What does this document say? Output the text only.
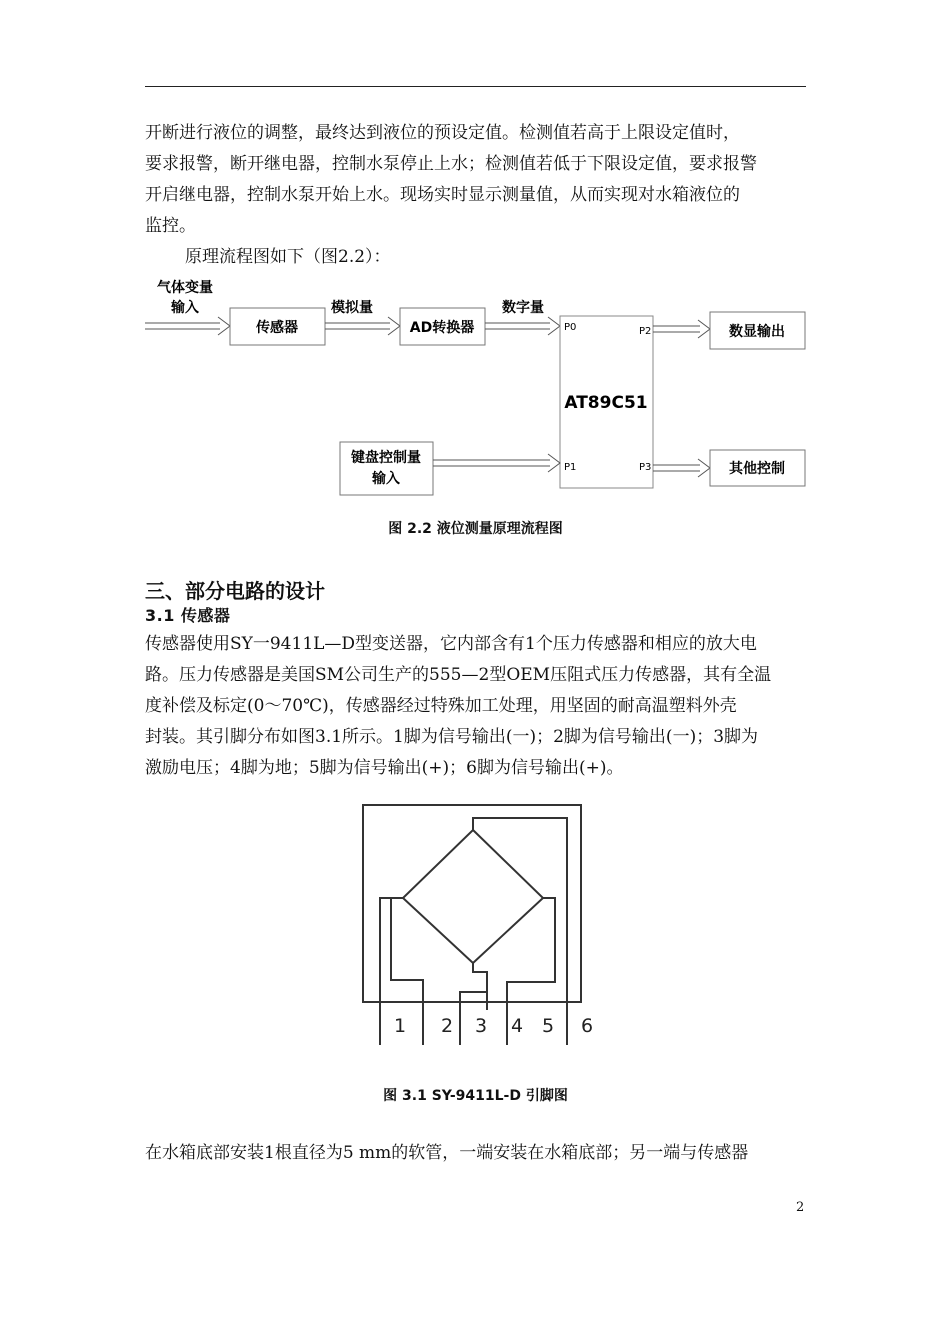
开断进行液位的调整，最终达到液位的预设定值。检测值若高于上限设定值时，
要求报警，断开继电器，控制水泵停止上水；检测值若低于下限设定值，要求报警
开启继电器，控制水泵开始上水。现场实时显示测量值，从而实现对水箱液位的
监控。
原理流程图如下（图2.2）：
气体变量
输入
传感器
模拟量
AD转换器
数字量
P0	P2
P1	P3
AT89C51
数显输出
键盘控制量
输入
其他控制
图 2.2 液位测量原理流程图
三、部分电路的设计
3.1 传感器
传感器使用SY一9411L—D型变送器，它内部含有1个压力传感器和相应的放大电
路。压力传感器是美国SM公司生产的555—2型OEM压阻式压力传感器，其有全温
度补偿及标定(0～70℃)，传感器经过特殊加工处理，用坚固的耐高温塑料外壳
封装。其引脚分布如图3.1所示。1脚为信号输出(一)；2脚为信号输出(一)；3脚为
激励电压；4脚为地；5脚为信号输出(+)；6脚为信号输出(+)。
1 2 3 4 5 6
图 3.1 SY-9411L-D 引脚图
在水箱底部安装1根直径为5 mm的软管，一端安装在水箱底部；另一端与传感器
2
